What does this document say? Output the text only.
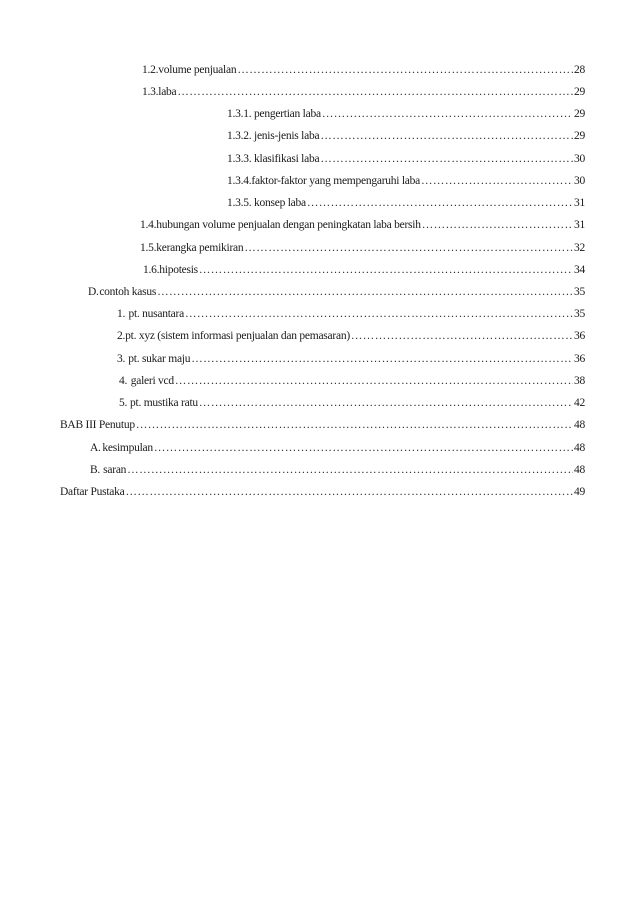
1.2. volume penjualan ……………………………………………………………………………………………………………………………………………………………………………………………………	28
1.3. laba ……………………………………………………………………………………………………………………………………………………………………………………………………	29
1.3.1. pengertian laba ……………………………………………………………………………………………………………………………………………………………………………………………………	29
1.3.2. jenis-jenis laba ……………………………………………………………………………………………………………………………………………………………………………………………………	29
1.3.3. klasifikasi laba ……………………………………………………………………………………………………………………………………………………………………………………………………	30
1.3.4.faktor-faktor yang mempengaruhi laba ……………………………………………………………………………………………………………………………………………………………………………………………………	30
1.3.5. konsep laba ……………………………………………………………………………………………………………………………………………………………………………………………………	31
1.4. hubungan volume penjualan dengan peningkatan laba bersih ……………………………………………………………………………………………………………………………………………………………………………………………………	31
1.5. kerangka pemikiran ……………………………………………………………………………………………………………………………………………………………………………………………………	32
1.6. hipotesis ……………………………………………………………………………………………………………………………………………………………………………………………………	34
D. contoh kasus ……………………………………………………………………………………………………………………………………………………………………………………………………	35
1. pt. nusantara ……………………………………………………………………………………………………………………………………………………………………………………………………	35
2. pt. xyz (sistem informasi penjualan dan pemasaran) ……………………………………………………………………………………………………………………………………………………………………………………………………	36
3. pt. sukar maju ……………………………………………………………………………………………………………………………………………………………………………………………………	36
4. galeri vcd ……………………………………………………………………………………………………………………………………………………………………………………………………	38
5. pt. mustika ratu ……………………………………………………………………………………………………………………………………………………………………………………………………	42
BAB III Penutup ……………………………………………………………………………………………………………………………………………………………………………………………………	48
A. kesimpulan ……………………………………………………………………………………………………………………………………………………………………………………………………	48
B. saran ……………………………………………………………………………………………………………………………………………………………………………………………………	48
Daftar Pustaka ……………………………………………………………………………………………………………………………………………………………………………………………………	49
